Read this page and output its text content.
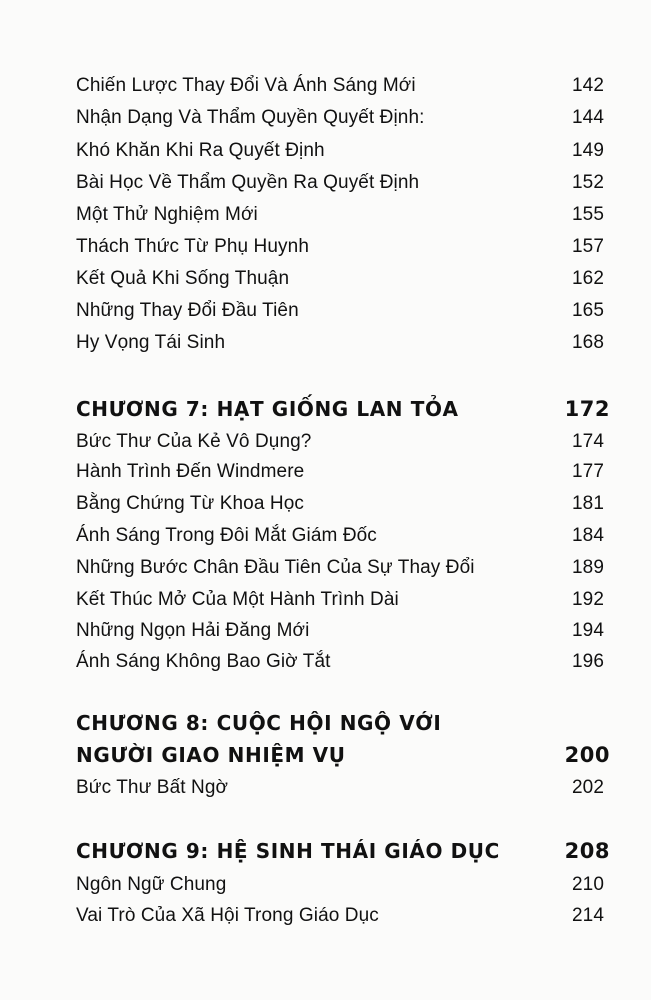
Chiến Lược Thay Đổi Và Ánh Sáng Mới	142
Nhận Dạng Và Thẩm Quyền Quyết Định:	144
Khó Khăn Khi Ra Quyết Định	149
Bài Học Về Thẩm Quyền Ra Quyết Định	152
Một Thử Nghiệm Mới	155
Thách Thức Từ Phụ Huynh	157
Kết Quả Khi Sống Thuận	162
Những Thay Đổi Đầu Tiên	165
Hy Vọng Tái Sinh	168
CHƯƠNG 7: HẠT GIỐNG LAN TỎA	172
Bức Thư Của Kẻ Vô Dụng?	174
Hành Trình Đến Windmere	177
Bằng Chứng Từ Khoa Học	181
Ánh Sáng Trong Đôi Mắt Giám Đốc	184
Những Bước Chân Đầu Tiên Của Sự Thay Đổi	189
Kết Thúc Mở Của Một Hành Trình Dài	192
Những Ngọn Hải Đăng Mới	194
Ánh Sáng Không Bao Giờ Tắt	196
CHƯƠNG 8: CUỘC HỘI NGỘ VỚI
NGƯỜI GIAO NHIỆM VỤ	200
Bức Thư Bất Ngờ	202
CHƯƠNG 9: HỆ SINH THÁI GIÁO DỤC	208
Ngôn Ngữ Chung	210
Vai Trò Của Xã Hội Trong Giáo Dục	214
